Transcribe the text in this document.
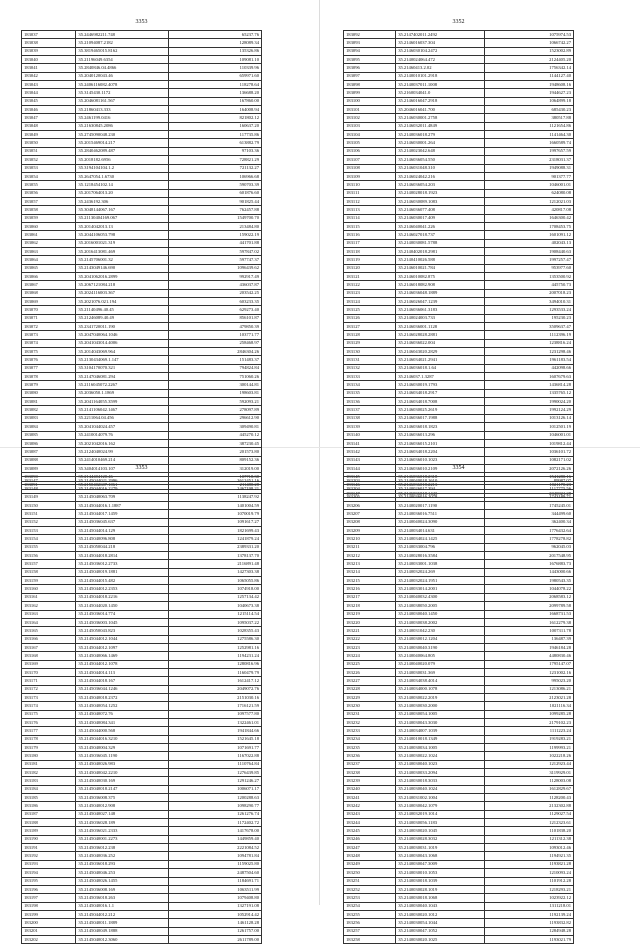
3353
183037	35.2446982211.748	65237.76
183038	35.21094087.2182	128089.34
183039	35.3819465015.8162	135326.86
183040	35.21196049.6354	109081.10
183041	35.2840846.04.4866	110339.96
183042	35.2040120043.46	659971.60
183043	35.2406116082.4078	118278.64
183044	35.3145430.1172	136688.20
183045	35.2046081161.567	167860.00
183046	35.21860413.333	164008.94
183047	35.2461199.0416	821802.12
183048	35.21630845.2086	160637.20
183049	35.2745090048.230	117735.86
183050	35.2015469014.217	613882.79
183051	35.2840462089.487	97103.36
183052	35.2018182.6956	728821.29
183053	35.3194104104.1.2	721132.27
183054	35.2647054.1.6730	106966.68
183055	35.1218454102.14	590703.39
183056	35.2017064013.20	601876.60
183057	35.2436192.306	901825.44
183058	35.3048144067.167	762457.88
183059	35.21130404169.067	1549700.70
183060	35.2014042013.13	213484.80
183061	35.2044106053.798	159022.19
183062	35.2016001021.319	441701.88
183063	35.2016413081.469	597847.02
183064	35.2145706001.32	597747.37
183065	35.2143049146.690	1096439.62
183066	35.2041062016.2899	992917.49
183067	35.2067121084.218	436037.87
183068	35.2024116003.367	203542.25
183069	35.2021076.021.194	603233.35
183070	35.21140496.40.45	629273.40
183071	35.21246089.40.49	856101.87
183072	35.2341720011.190	479850.39
183073	35.2047040064.1046	103771.77
183074	35.2041043014.4006	258468.97
183075	35.2014043069.964	2846304.26
183076	35.2130434069.1.147	151483.37
183077	35.3104170070.321	794824.84
183078	35.2147046081.294	751060.26
183079	35.2116045072.2267	300144.81
183080	35.2036050.1.1869	198603.81
183081	35.2041164055.3599	592093.21
183082	35.2141106042.1467	278097.89
183083	35.2211064.04.456	296612.90
183084	35.2041044024.457	309490.81
183085	35.2410014079.76	445270.12
183086	35.2021042016.162	387230.45
183087	35.2124040024.99	201573.80
183088	35.2414010469.214	809152.36
183089	35.3404014103.107	312019.00
183090	35.2144404120.46	107718.30
183091	35.2150402607.1061	211480.28
3352
183092	35.2147402011.2492	1075974.53
183093	35.2146016037.304	1066742.27
183094	35.2146030104.2472	1523002.89
183095	35.2140024064.472	2124405.20
183096	35.21460413.2.02	1756342.14
183097	35.2140010101.2918	1144127.40
183098	35.2140037011.1008	1948608.16
183099	35.2160034041.0	1944627.23
183100	35.2146016047.2918	1064899.18
183101	35.2046016041.700	685430.23
183102	35.2146030001.2758	380517.88
183103	35.2146032011.4849	1121654.86
183104	35.2140036018.279	1141464.30
183105	35.2146030001.264	1660589.74
183106	35.2140023042.648	1997657.59
183107	35.2146036054.550	2318031.37
183108	35.2146031048.310	1949088.31
183109	35.2146024042.216	901377.77
183110	35.2146036054.203	1046001.01
183111	35.2140028018.1923	624080.08
183112	35.2146030089.1083	1212021.03
183113	35.2146036077.408	420817.08
183114	35.2146030017.409	1646300.42
183115	35.2146040041.226	1708453.75
183116	35.2146027018.737	1601091.12
183117	35.2140030081.5788	402043.13
183118	35.2140402018.2981	1908440.63
183119	35.2140410026.588	1997257.47
183120	35.2146010021.784	953977.60
183121	35.2146010082.875	1353500.92
183122	35.2146018082.908	445750.73
183123	35.2146036048.1889	2007018.23
183124	35.2146026047.1239	3494010.31
183125	35.2146036061.3183	1293533.24
183126	35.2140024003.733	195230.23
183127	35.2146036001.1128	3509637.47
183128	35.2146028028.2881	1112396.19
183129	35.2146036022.004	1238816.24
183130	35.2146043020.2829	1231298.46
183131	35.2146034021.2941	1961183.54
183132	35.2146036018.1.64	442098.66
183133	35.2146037.1.3287	1607679.63
183134	35.2146030019.1793	1436814.28
183135	35.2146034018.2917	1335765.12
183136	35.2146034018.7008	1990024.20
183137	35.2146030025.2619	1992124.29
183138	35.2146036017.1988	1013126.14
183139	35.2146036018.1823	1012501.19
183140	35.2146036013.296	1046001.01
183141	35.2146036015.2101	1019812.44
183142	35.2146034018.2204	1036101.72
183143	35.2146036010.1023	1082171.02
183144	35.2146036010.2109	2072126.26
183145	35.2146036018.2318	1541280.16
183146	35.2146036018.2213	1021170.23
183147	35.2146036018.1443	2040021.28
3353
183147	35.2145044021.2996	2612451.16
183148	35.2145044016.2279	2467198.21
183149	35.2145040063.709	1138247.92
183150	35.2145044016.1.1887	1401004.59
183151	35.2145044017.1459	1070019.79
183152	35.2145036045.637	1091617.27
183153	35.2145044014.129	1821699.43
183154	35.2145040096.808	1241879.24
183155	35.2145050044.218	2389331.20
183156	35.2145044018.2814	1378137.70
183157	35.2145036012.2733	2116891.48
183158	35.2145040019.1881	1427303.38
183159	35.2145044015.482	1065055.86
183160	35.2145044012.2353	1074918.00
183161	35.2145044018.2216	1257134.42
183162	35.2145044020.1450	1040673.38
183163	35.2145036014.774	1215114.54
183164	35.2145036003.1045	1095037.22
183165	35.2145050043.823	1028355.43
183166	35.2145044012.1044	1275586.30
183167	35.2145044012.1097	1252981.16
183168	35.2145040066.1469	1194231.24
183169	35.2145044012.1078	1280816.96
183170	35.2145044014.113	1160479.79
183171	35.2145044018.167	1612417.12
183172	35.2145036044.1246	2049072.76
183173	35.2145040018.2372	2151030.16
183174	35.2145040054.1252	1716121.59
183175	35.2145040072.76	1097577.80
183176	35.2145040084.341	1322461.01
183177	35.2145044000.568	1941844.66
183178	35.2145044016.3210	1521645.18
183179	35.2145040004.329	1071691.77
183180	35.2145036045.1190	1167022.88
183181	35.2145040026.983	1110764.84
183182	35.2145040042.2210	1276439.85
183183	35.2145040030.169	1291246.27
183184	35.2145040018.2147	1006071.17
183185	35.2145036008.375	1200288.63
183186	35.2145040012.908	1098290.77
183187	35.2145040027.148	1261276.74
183188	35.2145036028.189	1172402.72
183189	35.2145036021.2333	1417678.00
183190	35.2145040001.2273	1449859.40
183191	35.2145036012.238	2221084.52
183192	35.2145040036.252	1094781.84
183193	35.2145036018.293	1159025.80
183194	35.2145040046.253	2487504.60
183195	35.2145040026.1455	1184691.71
183196	35.2145036008.169	1063511.99
183197	35.2145036018.263	1079408.80
183198	35.2145040016.1.1	1327191.08
183199	35.2145044012.212	1052914.42
183200	35.2145040011.1889	1461128.28
183201	35.2145040049.1888	1261757.00
183202	35.2145040012.3060	2611789.00
3354
183203	35.2140040018.1610	89987.07
183204	35.2140026017.394	1117775.56
183205	35.2140036016.2078	1743189.71
183206	35.2140020017.1190	1745245.01
183207	35.2140036016.7511	344499.60
183208	35.2140040024.3090	362400.34
183209	35.2140034014.631	1776432.64
183210	35.2140034024.1425	1778278.82
183211	35.2140033004.796	962045.03
183212	35.2140028016.3584	2017548.95
183213	35.2140033001.1038	1676883.73
183214	35.2140032024.269	1443000.66
183215	35.2140032024.1951	1980543.35
183216	35.2140033014.2001	1044078.22
183217	35.2140040032.4300	2068583.12
183218	35.2140038050.2005	2099789.58
183219	35.2140030040.1450	1668731.53
183220	35.2140030038.2002	1612279.38
183221	35.2140031042.230	1007311.78
183222	35.2140030012.1204	136487.39
183223	35.2140030040.3190	1946184.28
183224	35.2140040064.805	4480830.46
183225	35.2140040020.079	1795147.07
183226	35.2140030031.369	1231002.16
183227	35.2140034038.4014	995023.20
183228	35.2140034000.1078	1213086.21
183229	35.2140030022.2019	2123021.28
183230	35.2140030030.2000	1021116.34
183231	35.2140030054.1005	1099285.28
183232	35.2140030043.3030	2179102.23
183233	35.2140034007.1039	1111223.24
183234	35.2140010018.1349	1919283.21
183235	35.2140030034.1005	1199993.21
183236	35.2140030022.1024	1022218.26
183237	35.2140030040.1023	1212923.44
183238	35.2140030033.2094	3119929.01
183239	35.2140030018.3033	1128003.08
183240	35.2140030040.1024	1612829.67
183241	35.2140031002.1004	1128200.43
183242	35.2140030042.1079	2132302.88
183243	35.2140032019.1014	1129027.54
183244	35.2140030056.1183	1212323.61
183245	35.2140030020.1045	1101838.20
183246	35.2140030028.3032	1211312.38
183247	35.2140030031.1019	1093012.46
183248	35.2140030043.1068	1194921.35
183249	35.2140030047.3009	1193821.28
183250	35.2140030010.1053	1210093.24
183251	35.2140030018.1039	1101912.28
183252	35.2140030028.1019	1218293.21
183253	35.2140030018.1068	1023922.12
183254	35.2140030040.1043	1311218.01
183255	35.2140030020.1012	1192139.24
183256	35.2140030054.1044	1193832.82
183257	35.2140030047.1052	1284948.28
183258	35.2140030020.1025	1193021.79
